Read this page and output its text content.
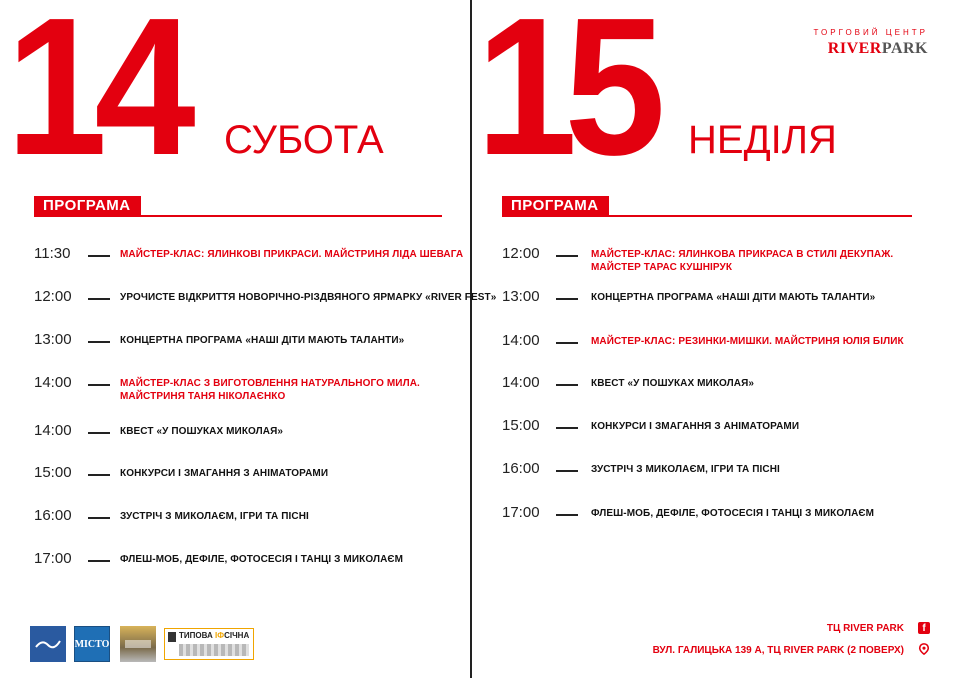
14 СУБОТА
ПРОГРАМА
11:30	МАЙСТЕР-КЛАС: ЯЛИНКОВІ ПРИКРАСИ. МАЙСТРИНЯ ЛІДА ШЕВАГА
12:00	УРОЧИСТЕ ВІДКРИТТЯ НОВОРІЧНО-РІЗДВЯНОГО ЯРМАРКУ «RIVER FEST»
13:00	КОНЦЕРТНА ПРОГРАМА «НАШІ ДІТИ МАЮТЬ ТАЛАНТИ»
14:00	МАЙСТЕР-КЛАС З ВИГОТОВЛЕННЯ НАТУРАЛЬНОГО МИЛА.
МАЙСТРИНЯ ТАНЯ НІКОЛАЄНКО
14:00	КВЕСТ «У ПОШУКАХ МИКОЛАЯ»
15:00	КОНКУРСИ І ЗМАГАННЯ З АНІМАТОРАМИ
16:00	ЗУСТРІЧ З МИКОЛАЄМ, ІГРИ ТА ПІСНІ
17:00	ФЛЕШ-МОБ, ДЕФІЛЕ, ФОТОСЕСІЯ І ТАНЦІ З МИКОЛАЄМ
15 НЕДІЛЯ
ПРОГРАМА
12:00	МАЙСТЕР-КЛАС: ЯЛИНКОВА ПРИКРАСА В СТИЛІ ДЕКУПАЖ.
МАЙСТЕР ТАРАС КУШНІРУК
13:00	КОНЦЕРТНА ПРОГРАМА «НАШІ ДІТИ МАЮТЬ ТАЛАНТИ»
14:00	МАЙСТЕР-КЛАС: РЕЗИНКИ-МИШКИ. МАЙСТРИНЯ ЮЛІЯ БІЛИК
14:00	КВЕСТ «У ПОШУКАХ МИКОЛАЯ»
15:00	КОНКУРСИ І ЗМАГАННЯ З АНІМАТОРАМИ
16:00	ЗУСТРІЧ З МИКОЛАЄМ, ІГРИ ТА ПІСНІ
17:00	ФЛЕШ-МОБ, ДЕФІЛЕ, ФОТОСЕСІЯ І ТАНЦІ З МИКОЛАЄМ
ТОРГОВИЙ ЦЕНТР
RIVERPARK
МІСТО
ТИПОВА ІФСІЧНА
ТЦ RIVER PARK	f
ВУЛ. ГАЛИЦЬКА 139 А, ТЦ RIVER PARK (2 ПОВЕРХ)
